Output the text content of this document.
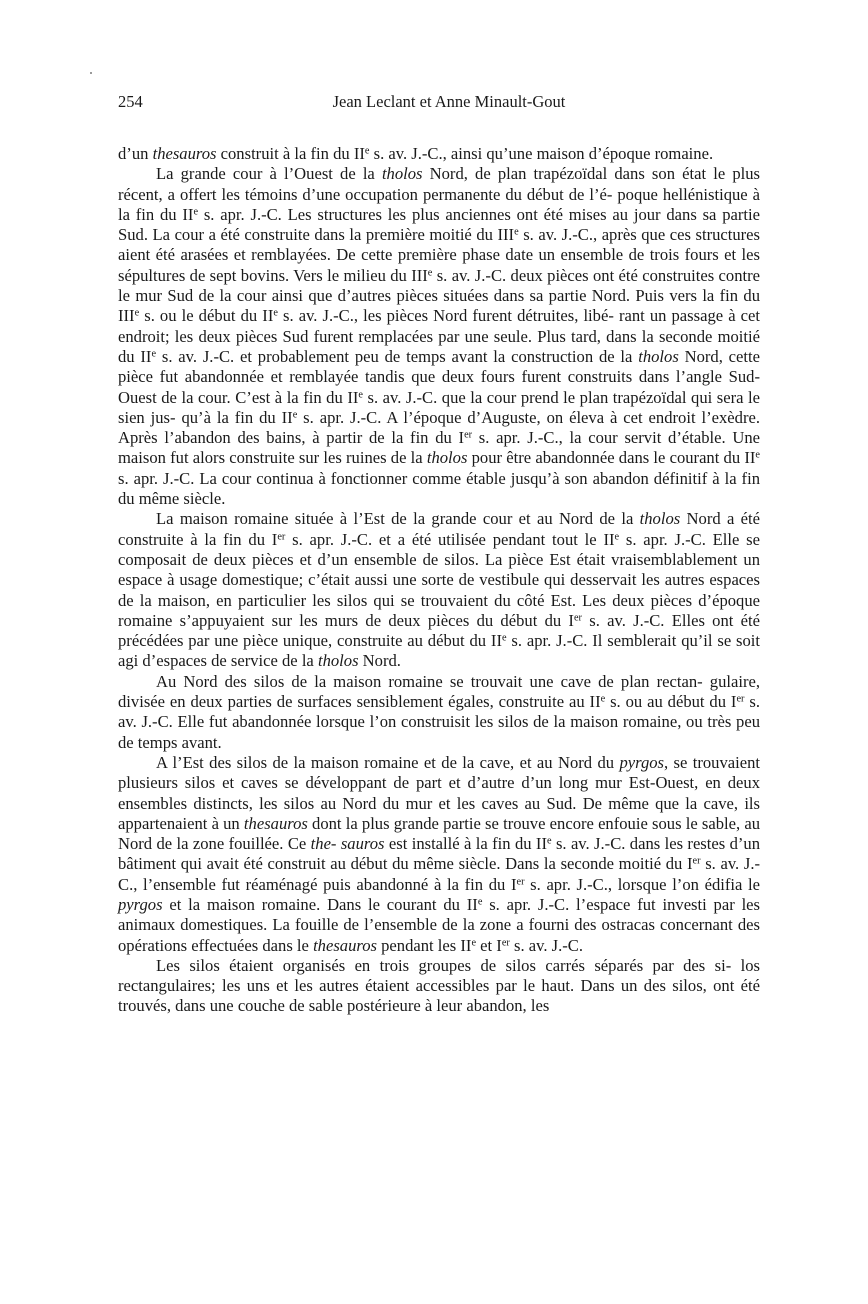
254	Jean Leclant et Anne Minault-Gout

d’un thesauros construit à la fin du IIe s. av. J.-C., ainsi qu’une maison d’époque romaine.

La grande cour à l’Ouest de la tholos Nord, de plan trapézoïdal dans son état le plus récent, a offert les témoins d’une occupation permanente du début de l’é- poque hellénistique à la fin du IIe s. apr. J.-C. Les structures les plus anciennes ont été mises au jour dans sa partie Sud. La cour a été construite dans la première moitié du IIIe s. av. J.-C., après que ces structures aient été arasées et remblayées. De cette première phase date un ensemble de trois fours et les sépultures de sept bovins. Vers le milieu du IIIe s. av. J.-C. deux pièces ont été construites contre le mur Sud de la cour ainsi que d’autres pièces situées dans sa partie Nord. Puis vers la fin du IIIe s. ou le début du IIe s. av. J.-C., les pièces Nord furent détruites, libé- rant un passage à cet endroit; les deux pièces Sud furent remplacées par une seule. Plus tard, dans la seconde moitié du IIe s. av. J.-C. et probablement peu de temps avant la construction de la tholos Nord, cette pièce fut abandonnée et remblayée tandis que deux fours furent construits dans l’angle Sud-Ouest de la cour. C’est à la fin du IIe s. av. J.-C. que la cour prend le plan trapézoïdal qui sera le sien jus- qu’à la fin du IIe s. apr. J.-C. A l’époque d’Auguste, on éleva à cet endroit l’exèdre. Après l’abandon des bains, à partir de la fin du Ier s. apr. J.-C., la cour servit d’étable. Une maison fut alors construite sur les ruines de la tholos pour être abandonnée dans le courant du IIe s. apr. J.-C. La cour continua à fonctionner comme étable jusqu’à son abandon définitif à la fin du même siècle.

La maison romaine située à l’Est de la grande cour et au Nord de la tholos Nord a été construite à la fin du Ier s. apr. J.-C. et a été utilisée pendant tout le IIe s. apr. J.-C. Elle se composait de deux pièces et d’un ensemble de silos. La pièce Est était vraisemblablement un espace à usage domestique; c’était aussi une sorte de vestibule qui desservait les autres espaces de la maison, en particulier les silos qui se trouvaient du côté Est. Les deux pièces d’époque romaine s’appuyaient sur les murs de deux pièces du début du Ier s. av. J.-C. Elles ont été précédées par une pièce unique, construite au début du IIe s. apr. J.-C. Il semblerait qu’il se soit agi d’espaces de service de la tholos Nord.

Au Nord des silos de la maison romaine se trouvait une cave de plan rectan- gulaire, divisée en deux parties de surfaces sensiblement égales, construite au IIe s. ou au début du Ier s. av. J.-C. Elle fut abandonnée lorsque l’on construisit les silos de la maison romaine, ou très peu de temps avant.

A l’Est des silos de la maison romaine et de la cave, et au Nord du pyrgos, se trouvaient plusieurs silos et caves se développant de part et d’autre d’un long mur Est-Ouest, en deux ensembles distincts, les silos au Nord du mur et les caves au Sud. De même que la cave, ils appartenaient à un thesauros dont la plus grande partie se trouve encore enfouie sous le sable, au Nord de la zone fouillée. Ce the- sauros est installé à la fin du IIe s. av. J.-C. dans les restes d’un bâtiment qui avait été construit au début du même siècle. Dans la seconde moitié du Ier s. av. J.-C., l’ensemble fut réaménagé puis abandonné à la fin du Ier s. apr. J.-C., lorsque l’on édifia le pyrgos et la maison romaine. Dans le courant du IIe s. apr. J.-C. l’espace fut investi par les animaux domestiques. La fouille de l’ensemble de la zone a fourni des ostracas concernant des opérations effectuées dans le thesauros pendant les IIe et Ier s. av. J.-C.

Les silos étaient organisés en trois groupes de silos carrés séparés par des si- los rectangulaires; les uns et les autres étaient accessibles par le haut. Dans un des silos, ont été trouvés, dans une couche de sable postérieure à leur abandon, les
